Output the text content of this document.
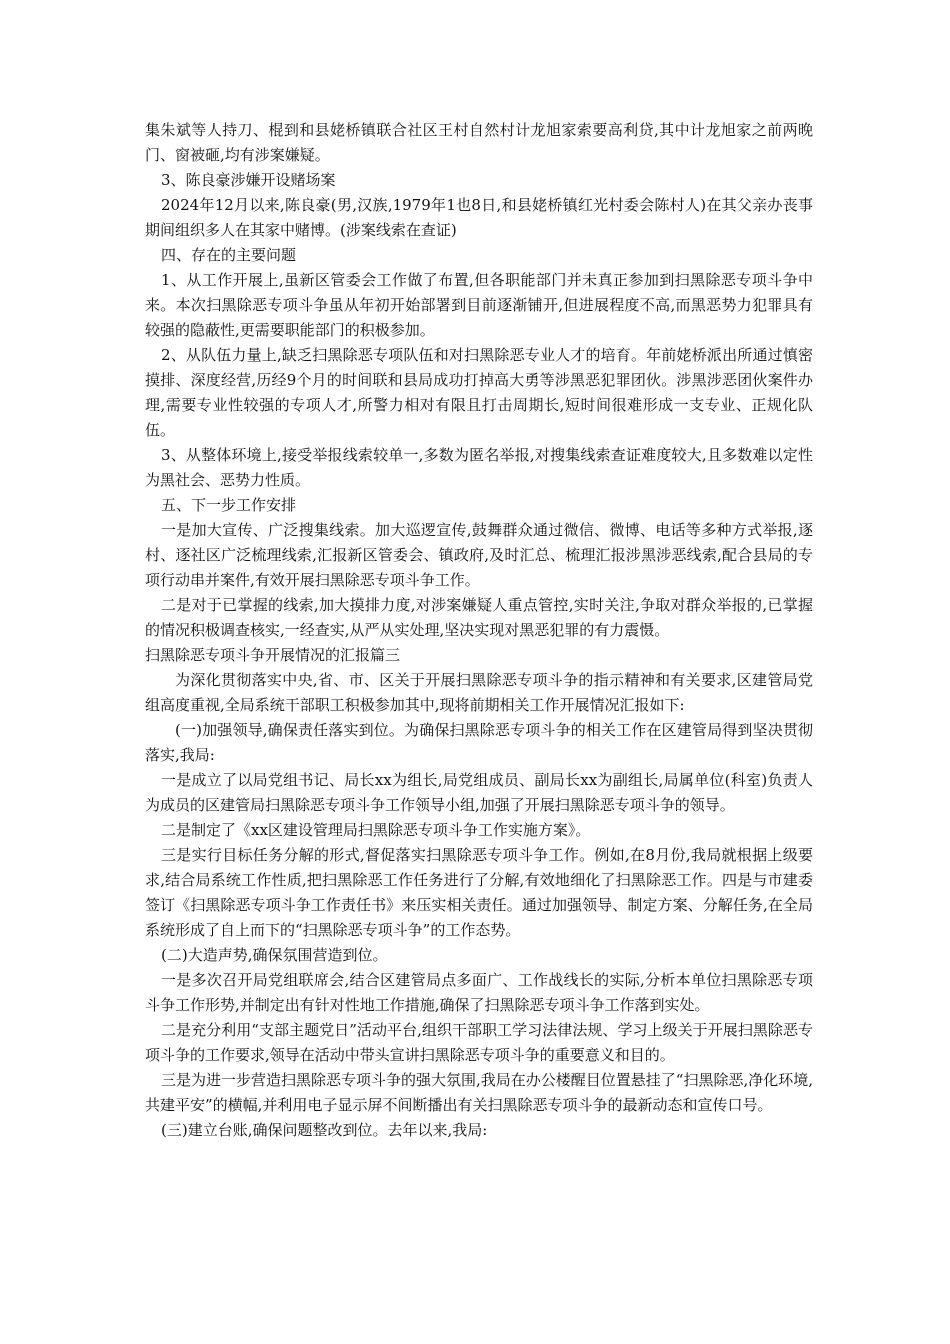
集朱斌等人持刀、棍到和县姥桥镇联合社区王村自然村计龙旭家索要高利贷,其中计龙旭家之前两晚门、窗被砸,均有涉案嫌疑。

3、陈良豪涉嫌开设赌场案

2024年12月以来,陈良豪(男,汉族,1979年1也8日,和县姥桥镇红光村委会陈村人)在其父亲办丧事期间组织多人在其家中赌博。(涉案线索在查证)

四、存在的主要问题

1、从工作开展上,虽新区管委会工作做了布置,但各职能部门并未真正参加到扫黑除恶专项斗争中来。本次扫黑除恶专项斗争虽从年初开始部署到目前逐渐铺开,但进展程度不高,而黑恶势力犯罪具有较强的隐蔽性,更需要职能部门的积极参加。

2、从队伍力量上,缺乏扫黑除恶专项队伍和对扫黑除恶专业人才的培育。年前姥桥派出所通过慎密摸排、深度经营,历经9个月的时间联和县局成功打掉高大勇等涉黑恶犯罪团伙。涉黑涉恶团伙案件办理,需要专业性较强的专项人才,所警力相对有限且打击周期长,短时间很难形成一支专业、正规化队伍。

3、从整体环境上,接受举报线索较单一,多数为匿名举报,对搜集线索查证难度较大,且多数难以定性为黑社会、恶势力性质。

五、下一步工作安排

一是加大宣传、广泛搜集线索。加大巡逻宣传,鼓舞群众通过微信、微博、电话等多种方式举报,逐村、逐社区广泛梳理线索,汇报新区管委会、镇政府,及时汇总、梳理汇报涉黑涉恶线索,配合县局的专项行动串并案件,有效开展扫黑除恶专项斗争工作。

二是对于已掌握的线索,加大摸排力度,对涉案嫌疑人重点管控,实时关注,争取对群众举报的,已掌握的情况积极调查核实,一经查实,从严从实处理,坚决实现对黑恶犯罪的有力震慑。

扫黑除恶专项斗争开展情况的汇报篇三

为深化贯彻落实中央,省、市、区关于开展扫黑除恶专项斗争的指示精神和有关要求,区建管局党组高度重视,全局系统干部职工积极参加其中,现将前期相关工作开展情况汇报如下:

(一)加强领导,确保责任落实到位。为确保扫黑除恶专项斗争的相关工作在区建管局得到坚决贯彻落实,我局:

一是成立了以局党组书记、局长xx为组长,局党组成员、副局长xx为副组长,局属单位(科室)负责人为成员的区建管局扫黑除恶专项斗争工作领导小组,加强了开展扫黑除恶专项斗争的领导。

二是制定了《xx区建设管理局扫黑除恶专项斗争工作实施方案》。

三是实行目标任务分解的形式,督促落实扫黑除恶专项斗争工作。例如,在8月份,我局就根据上级要求,结合局系统工作性质,把扫黑除恶工作任务进行了分解,有效地细化了扫黑除恶工作。四是与市建委签订《扫黑除恶专项斗争工作责任书》来压实相关责任。通过加强领导、制定方案、分解任务,在全局系统形成了自上而下的“扫黑除恶专项斗争”的工作态势。

(二)大造声势,确保氛围营造到位。

一是多次召开局党组联席会,结合区建管局点多面广、工作战线长的实际,分析本单位扫黑除恶专项斗争工作形势,并制定出有针对性地工作措施,确保了扫黑除恶专项斗争工作落到实处。

二是充分利用“支部主题党日”活动平台,组织干部职工学习法律法规、学习上级关于开展扫黑除恶专项斗争的工作要求,领导在活动中带头宣讲扫黑除恶专项斗争的重要意义和目的。

三是为进一步营造扫黑除恶专项斗争的强大氛围,我局在办公楼醒目位置悬挂了“扫黑除恶,净化环境,共建平安”的横幅,并利用电子显示屏不间断播出有关扫黑除恶专项斗争的最新动态和宣传口号。

(三)建立台账,确保问题整改到位。去年以来,我局:
